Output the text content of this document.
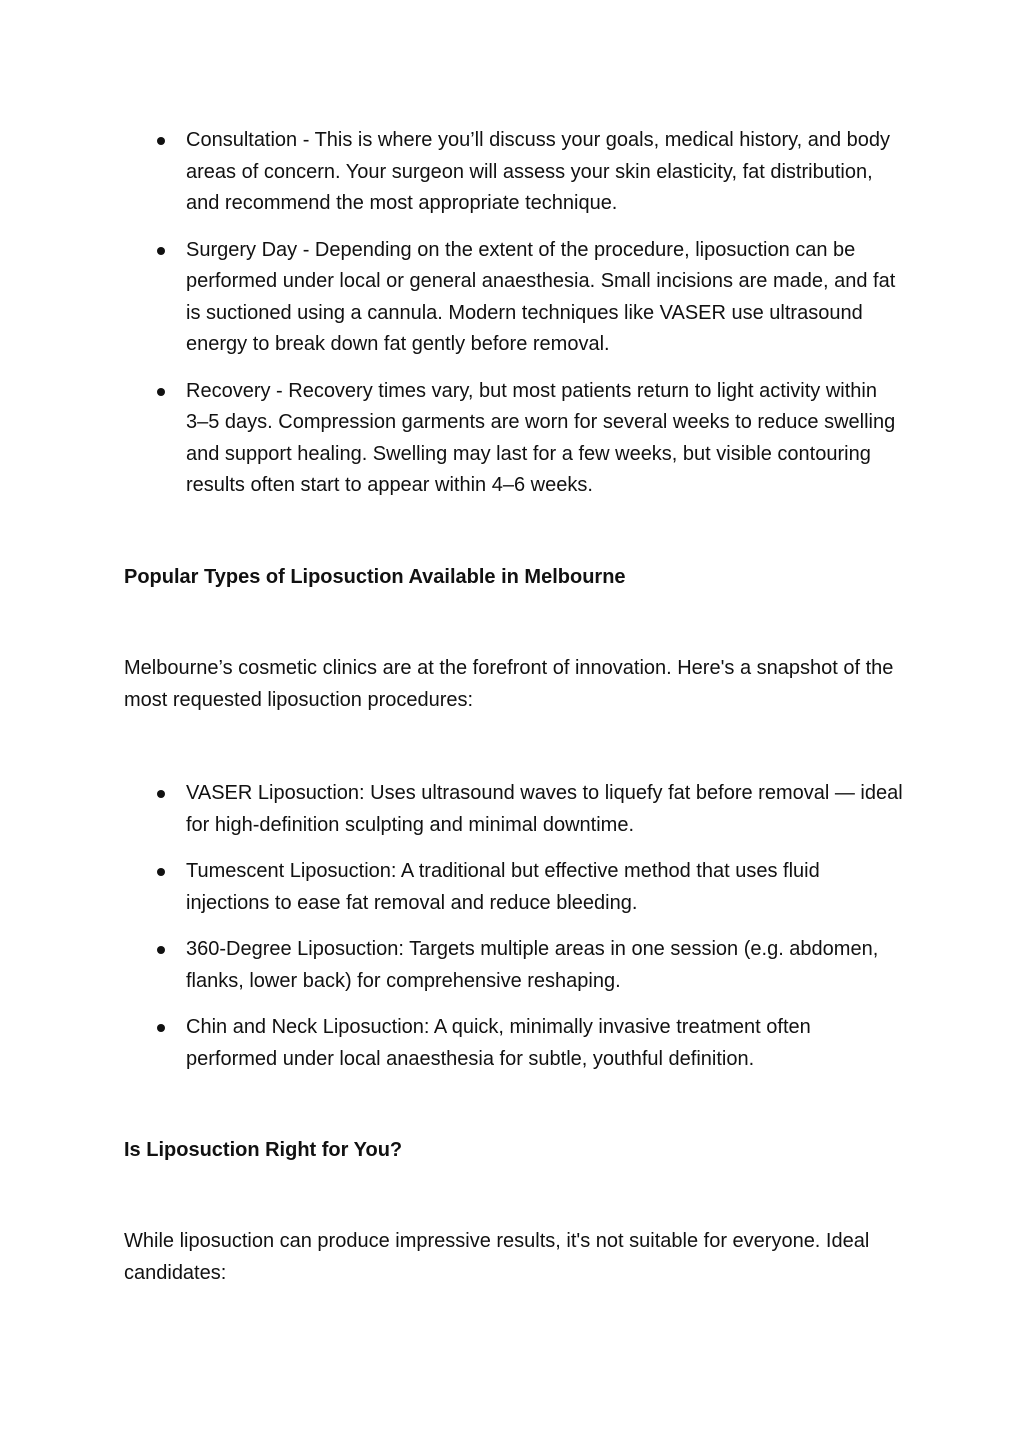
Consultation - This is where you’ll discuss your goals, medical history, and body areas of concern. Your surgeon will assess your skin elasticity, fat distribution, and recommend the most appropriate technique.
Surgery Day - Depending on the extent of the procedure, liposuction can be performed under local or general anaesthesia. Small incisions are made, and fat is suctioned using a cannula. Modern techniques like VASER use ultrasound energy to break down fat gently before removal.
Recovery - Recovery times vary, but most patients return to light activity within 3–5 days. Compression garments are worn for several weeks to reduce swelling and support healing. Swelling may last for a few weeks, but visible contouring results often start to appear within 4–6 weeks.
Popular Types of Liposuction Available in Melbourne

Melbourne’s cosmetic clinics are at the forefront of innovation. Here's a snapshot of the most requested liposuction procedures:

VASER Liposuction: Uses ultrasound waves to liquefy fat before removal — ideal for high-definition sculpting and minimal downtime.
Tumescent Liposuction: A traditional but effective method that uses fluid injections to ease fat removal and reduce bleeding.
360-Degree Liposuction: Targets multiple areas in one session (e.g. abdomen, flanks, lower back) for comprehensive reshaping.
Chin and Neck Liposuction: A quick, minimally invasive treatment often performed under local anaesthesia for subtle, youthful definition.
Is Liposuction Right for You?

While liposuction can produce impressive results, it's not suitable for everyone. Ideal candidates:
